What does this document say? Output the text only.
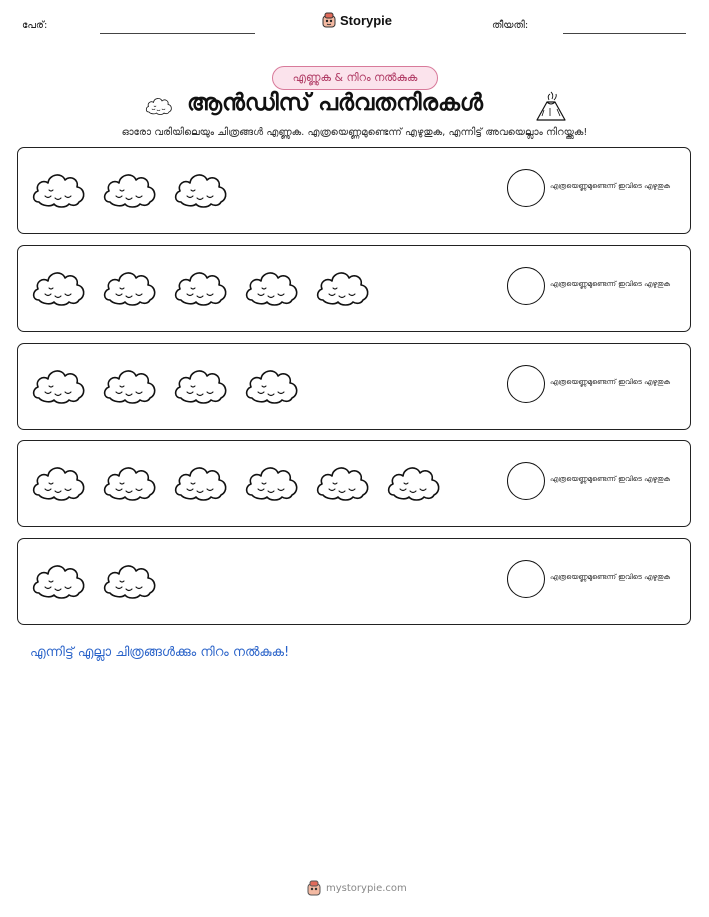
പേര്:	Storypie	തീയതി:
എണ്ണുക & നിറം നൽകുക
ആൻഡിസ് പർവതനിരകൾ
ഓരോ വരിയിലെയും ചിത്രങ്ങൾ എണ്ണുക. എത്രയെണ്ണമുണ്ടെന്ന് എഴുതുക, എന്നിട്ട് അവയെല്ലാം നിറയ്ക്കുക!
എത്രയെണ്ണമുണ്ടെന്ന് ഇവിടെ എഴുതുക
എത്രയെണ്ണമുണ്ടെന്ന് ഇവിടെ എഴുതുക
എത്രയെണ്ണമുണ്ടെന്ന് ഇവിടെ എഴുതുക
എത്രയെണ്ണമുണ്ടെന്ന് ഇവിടെ എഴുതുക
എത്രയെണ്ണമുണ്ടെന്ന് ഇവിടെ എഴുതുക
എന്നിട്ട് എല്ലാ ചിത്രങ്ങൾക്കും നിറം നൽകുക!
mystorypie.com
